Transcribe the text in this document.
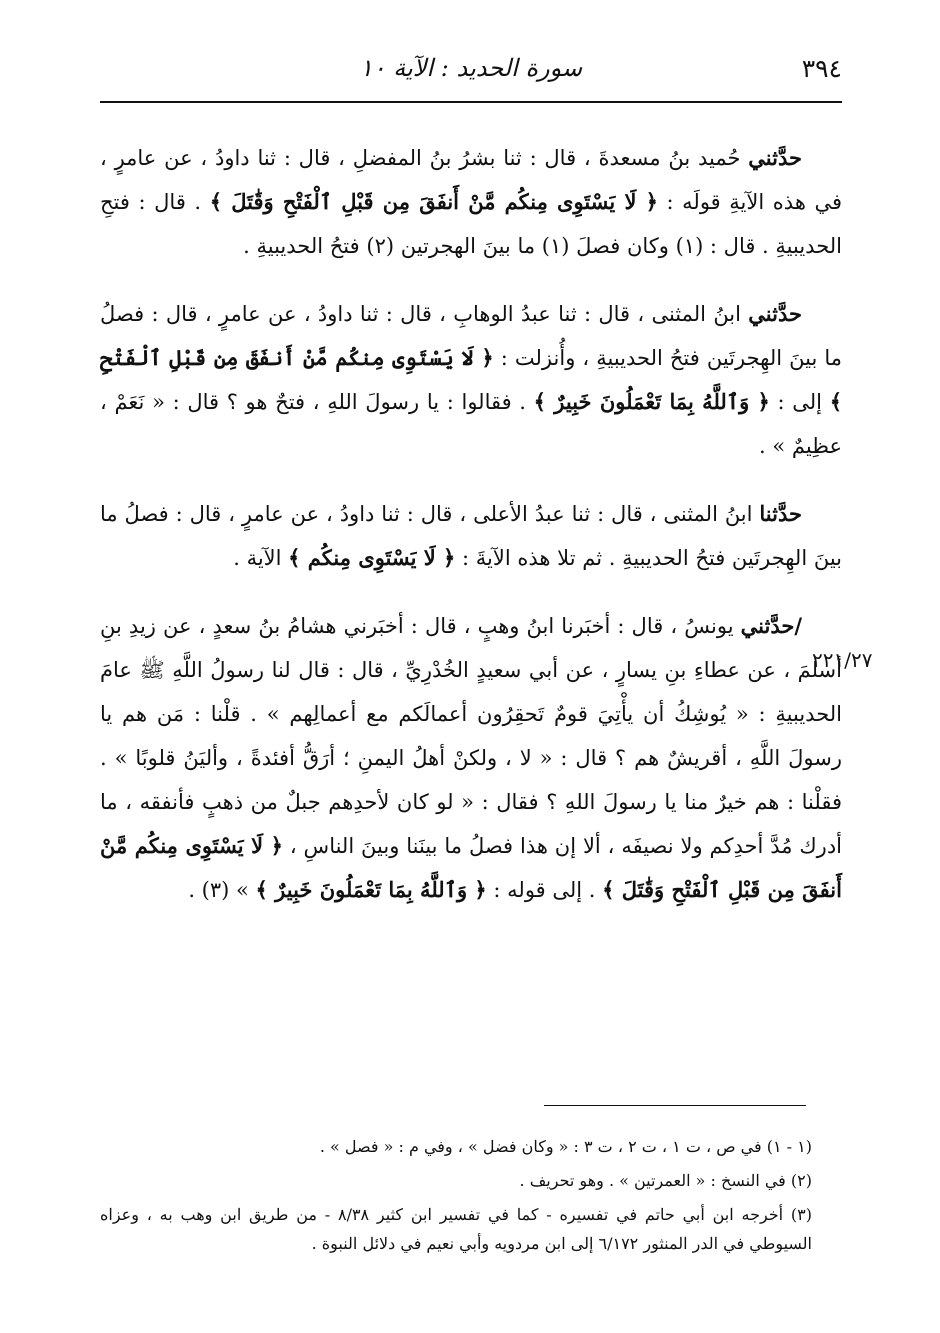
٣٩٤
سورة الحديد : الآية ١٠
٢٢١/٢٧

حدَّثني حُميد بنُ مسعدةَ ، قال : ثنا بشرُ بنُ المفضلِ ، قال : ثنا داودُ ، عن عامرٍ ، في هذه الآيةِ قولَه : ﴿ لَا يَسْتَوِى مِنكُم مَّنْ أَنفَقَ مِن قَبْلِ ٱلْفَتْحِ وَقَٰتَلَ ﴾ . قال : فتحِ الحديبيةِ . قال : (١) وكان فصلَ (١) ما بينَ الهجرتين (٢) فتحُ الحديبيةِ .

حدَّثني ابنُ المثنى ، قال : ثنا عبدُ الوهابِ ، قال : ثنا داودُ ، عن عامرٍ ، قال : فصلُ ما بينَ الهِجرتَين فتحُ الحديبيةِ ، وأُنزلت : ﴿ لَا يَسْتَوِى مِنكُم مَّنْ أَنفَقَ مِن قَبْلِ ٱلْفَتْحِ ﴾ إلى : ﴿ وَٱللَّهُ بِمَا تَعْمَلُونَ خَبِيرٌ ﴾ . فقالوا : يا رسولَ اللهِ ، فتحٌ هو ؟ قال : « نَعَمْ ، عظِيمٌ » .

حدَّثنا ابنُ المثنى ، قال : ثنا عبدُ الأعلى ، قال : ثنا داودُ ، عن عامرٍ ، قال : فصلُ ما بينَ الهِجرتَين فتحُ الحديبيةِ . ثم تلا هذه الآيةَ : ﴿ لَا يَسْتَوِى مِنكُم ﴾ الآية .

/حدَّثني يونسُ ، قال : أخبَرنا ابنُ وهبٍ ، قال : أخبَرني هشامُ بنُ سعدٍ ، عن زيدِ بنِ أسلمَ ، عن عطاءِ بنِ يسارٍ ، عن أبي سعيدٍ الخُدْرِيِّ ، قال : قال لنا رسولُ اللَّهِ ﷺ عامَ الحديبيةِ : « يُوشِكُ أن يأْتِيَ قومٌ تَحقِرُون أعمالَكم مع أعمالِهم » . قلْنا : مَن هم يا رسولَ اللَّهِ ، أقريشٌ هم ؟ قال : « لا ، ولكنْ أهلُ اليمنِ ؛ أرَقُّ أفئدةً ، وأليَنُ قلوبًا » . فقلْنا : هم خيرٌ منا يا رسولَ اللهِ ؟ فقال : « لو كان لأحدِهم جبلٌ من ذهبٍ فأنفقه ، ما أدرك مُدَّ أحدِكم ولا نصيفَه ، ألا إن هذا فصلُ ما بينَنا وبينَ الناسِ ، ﴿ لَا يَسْتَوِى مِنكُم مَّنْ أَنفَقَ مِن قَبْلِ ٱلْفَتْحِ وَقَٰتَلَ ﴾ . إلى قوله : ﴿ وَٱللَّهُ بِمَا تَعْمَلُونَ خَبِيرٌ ﴾ » (٣) .

(١ - ١) في ص ، ت ١ ، ت ٢ ، ت ٣ : « وكان فضل » ، وفي م : « فصل » .

(٢) في النسخ : « العمرتين » . وهو تحريف .

(٣) أخرجه ابن أبي حاتم في تفسيره - كما في تفسير ابن كثير ٨/٣٨ - من طريق ابن وهب به ، وعزاه السيوطي في الدر المنثور ٦/١٧٢ إلى ابن مردويه وأبي نعيم في دلائل النبوة .
